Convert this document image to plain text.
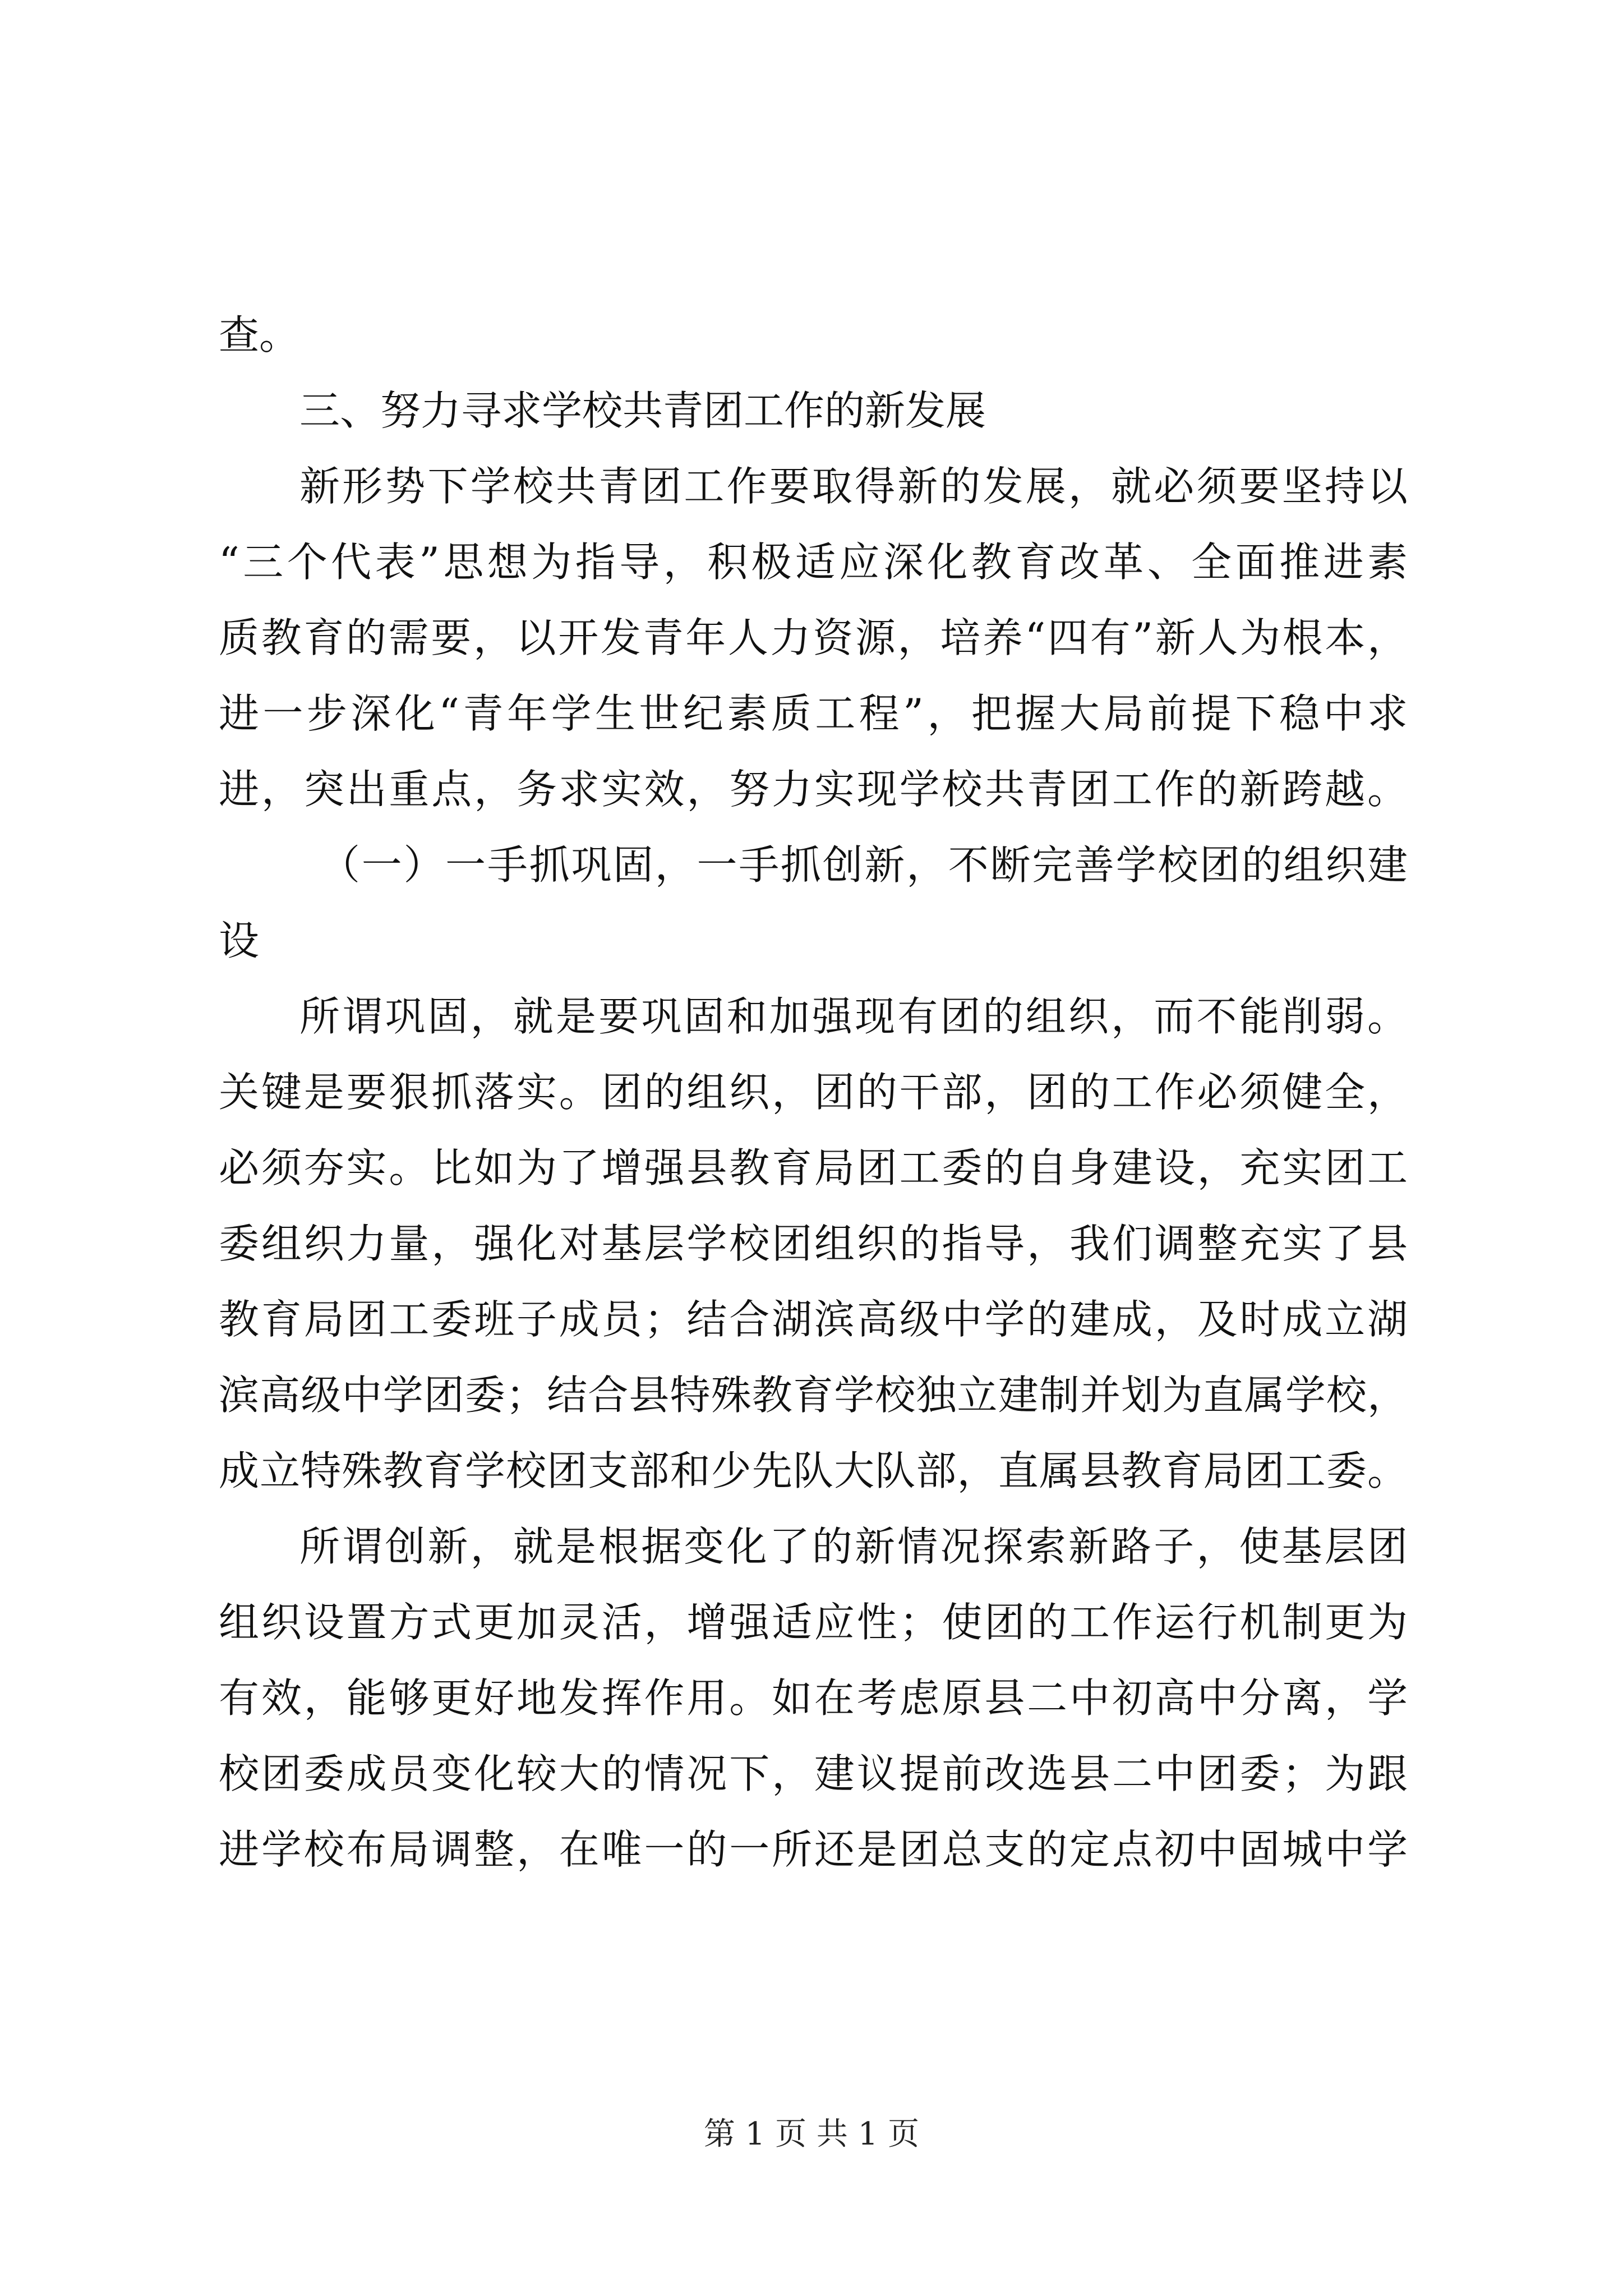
查。
三、努力寻求学校共青团工作的新发展
新形势下学校共青团工作要取得新的发展，就必须要坚持以
“三个代表”思想为指导，积极适应深化教育改革、全面推进素
质教育的需要，以开发青年人力资源，培养“四有”新人为根本，
进一步深化“青年学生世纪素质工程”，把握大局前提下稳中求
进，突出重点，务求实效，努力实现学校共青团工作的新跨越。
（一）一手抓巩固，一手抓创新，不断完善学校团的组织建
设
所谓巩固，就是要巩固和加强现有团的组织，而不能削弱。
关键是要狠抓落实。团的组织，团的干部，团的工作必须健全，
必须夯实。比如为了增强县教育局团工委的自身建设，充实团工
委组织力量，强化对基层学校团组织的指导，我们调整充实了县
教育局团工委班子成员；结合湖滨高级中学的建成，及时成立湖
滨高级中学团委；结合县特殊教育学校独立建制并划为直属学校，
成立特殊教育学校团支部和少先队大队部，直属县教育局团工委。
所谓创新，就是根据变化了的新情况探索新路子，使基层团
组织设置方式更加灵活，增强适应性；使团的工作运行机制更为
有效，能够更好地发挥作用。如在考虑原县二中初高中分离，学
校团委成员变化较大的情况下，建议提前改选县二中团委；为跟
进学校布局调整，在唯一的一所还是团总支的定点初中固城中学
第 1 页 共 1 页
